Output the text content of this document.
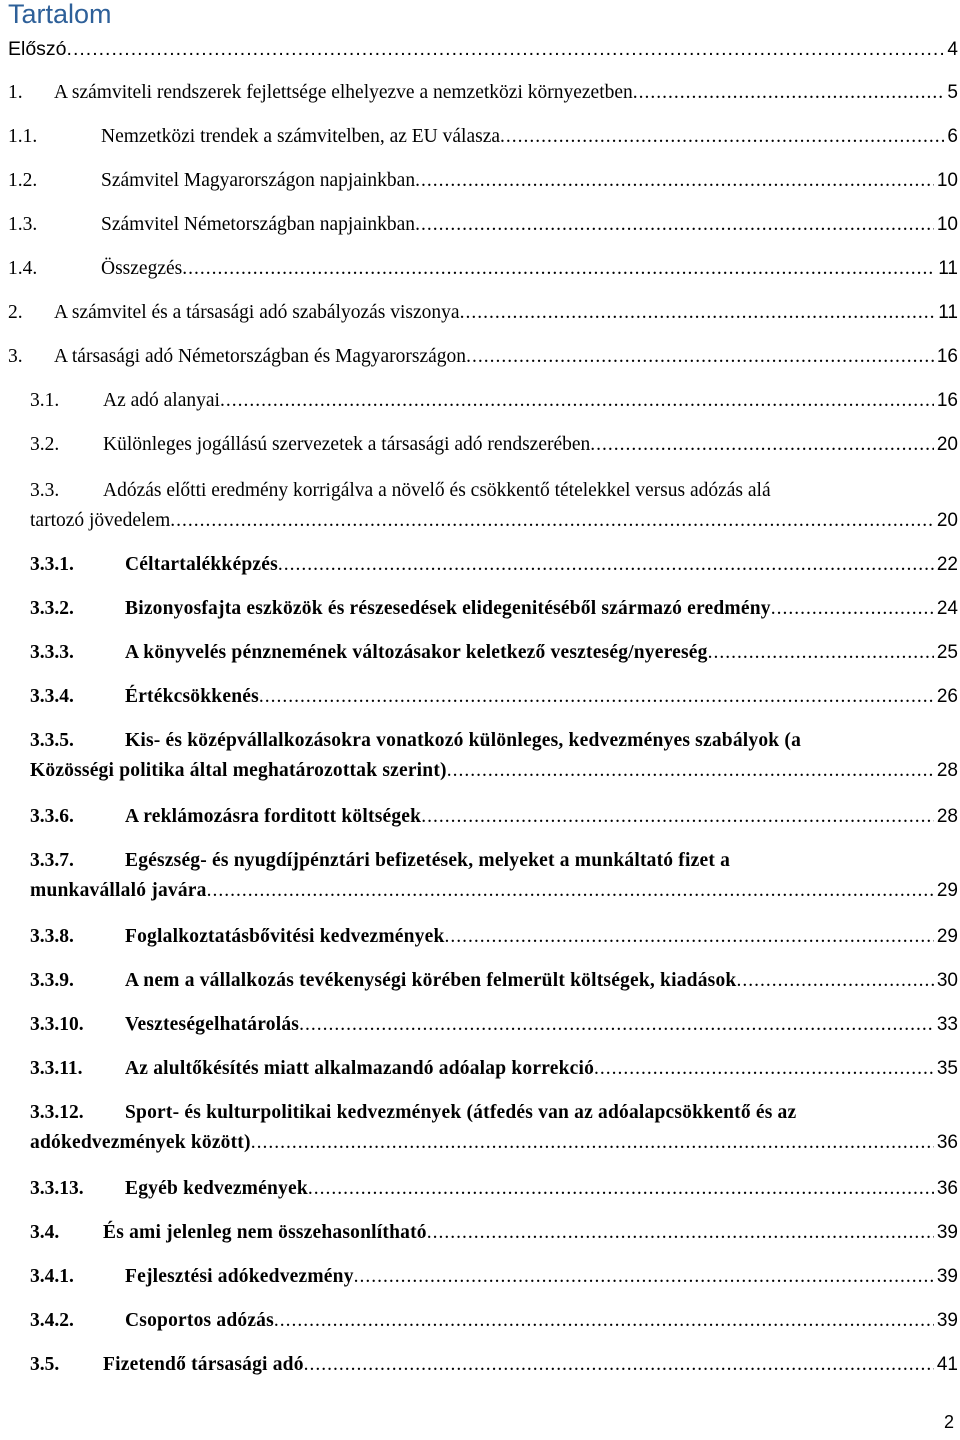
Tartalom
Előszó .....	4
1.	A számviteli rendszerek fejlettsége elhelyezve a nemzetközi környezetben .....	5
1.1.	Nemzetközi trendek a számvitelben, az EU válasza .....	6
1.2.	Számvitel Magyarországon napjainkban .....	10
1.3.	Számvitel Németországban napjainkban .....	10
1.4.	Összegzés .....	11
2.	A számvitel és a társasági adó szabályozás viszonya .....	11
3.	A társasági adó Németországban és Magyarországon .....	16
3.1.	Az adó alanyai .....	16
3.2.	Különleges jogállású szervezetek a társasági adó rendszerében .....	20
3.3.	Adózás előtti eredmény korrigálva a növelő és csökkentő tételekkel versus adózás alá
tartozó jövedelem .....	20
3.3.1.	Céltartalékképzés .....	22
3.3.2.	Bizonyosfajta eszközök és részesedések elidegenitéséből származó eredmény .....	24
3.3.3.	A könyvelés pénznemének változásakor keletkező veszteség/nyereség .....	25
3.3.4.	Értékcsökkenés .....	26
3.3.5.	Kis- és középvállalkozásokra vonatkozó különleges, kedvezményes szabályok (a
Közösségi politika által meghatározottak szerint) .....	28
3.3.6.	A reklámozásra forditott költségek .....	28
3.3.7.	Egészség- és nyugdíjpénztári befizetések, melyeket a munkáltató fizet a
munkavállaló javára .....	29
3.3.8.	Foglalkoztatásbővitési kedvezmények .....	29
3.3.9.	A nem a vállalkozás tevékenységi körében felmerült költségek, kiadások .....	30
3.3.10.	Veszteségelhatárolás .....	33
3.3.11.	Az alultőkésítés miatt alkalmazandó adóalap korrekció .....	35
3.3.12.	Sport- és kulturpolitikai kedvezmények (átfedés van az adóalapcsökkentő és az
adókedvezmények között) .....	36
3.3.13.	Egyéb kedvezmények .....	36
3.4.	És ami jelenleg nem összehasonlítható .....	39
3.4.1.	Fejlesztési adókedvezmény .....	39
3.4.2.	Csoportos adózás .....	39
3.5.	Fizetendő társasági adó .....	41
2
